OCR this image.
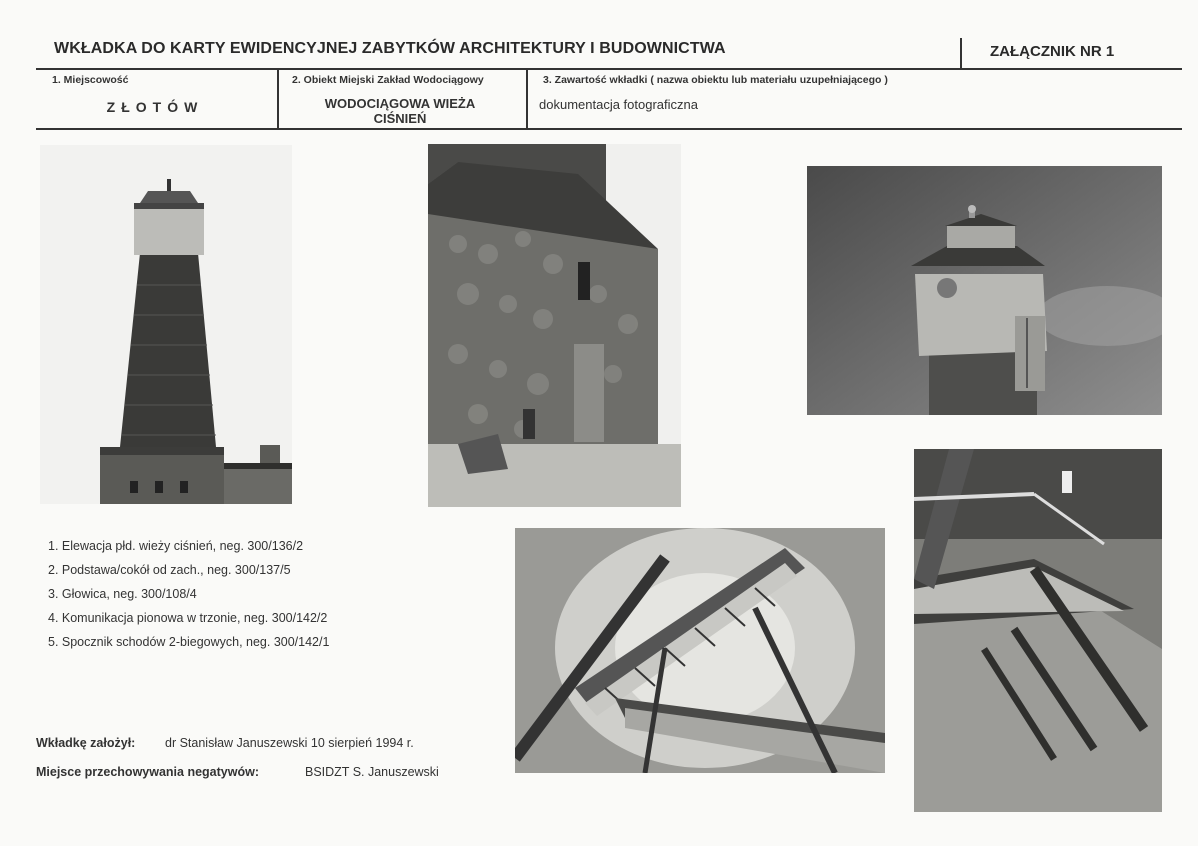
WKŁADKA DO KARTY EWIDENCYJNEJ ZABYTKÓW ARCHITEKTURY I BUDOWNICTWA	ZAŁĄCZNIK NR 1
1. Miejscowość
ZŁOTÓW
2. Obiekt Miejski Zakład Wodociągowy
WODOCIĄGOWA WIEŻA CIŚNIEŃ
3. Zawartość wkładki ( nazwa obiektu lub materiału uzupełniającego )
dokumentacja fotograficzna
1. Elewacja płd. wieży ciśnień, neg. 300/136/2
2. Podstawa/cokół od zach., neg. 300/137/5
3. Głowica, neg. 300/108/4
4. Komunikacja pionowa w trzonie, neg. 300/142/2
5. Spocznik schodów 2-biegowych, neg. 300/142/1
Wkładkę założył: dr Stanisław Januszewski 10 sierpień 1994 r.
Miejsce przechowywania negatywów:	BSIDZT S. Januszewski
